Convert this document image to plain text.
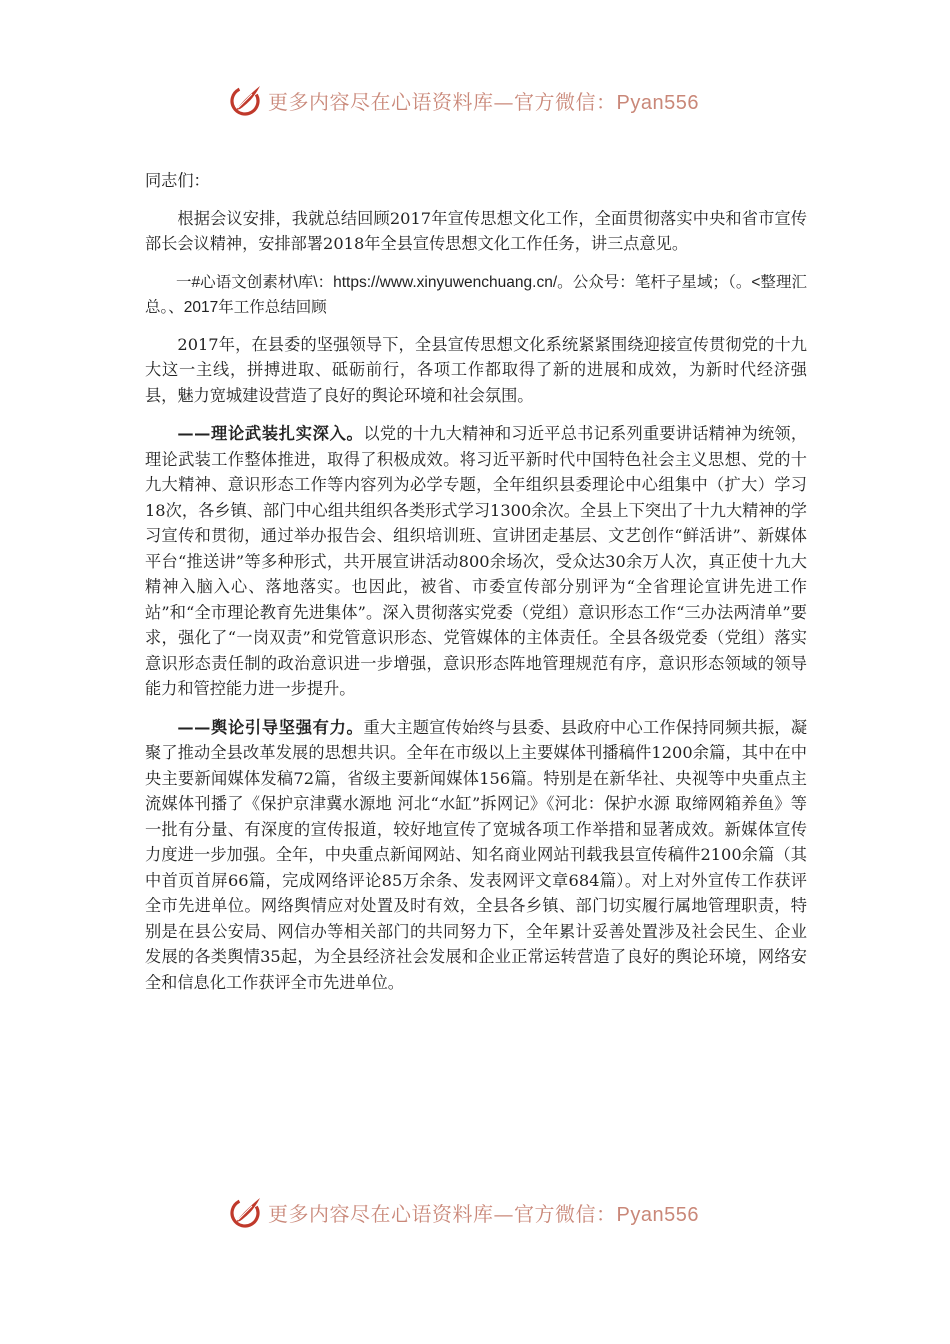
更多内容尽在心语资料库—官方微信：Pyan556

同志们：

根据会议安排，我就总结回顾2017年宣传思想文化工作，全面贯彻落实中央和省市宣传部长会议精神，安排部署2018年全县宣传思想文化工作任务，讲三点意见。

一#心语文创素材\库\：https://www.xinyuwenchuang.cn/。公众号：笔杆子星域；（。<整理汇总。、2017年工作总结回顾

2017年，在县委的坚强领导下，全县宣传思想文化系统紧紧围绕迎接宣传贯彻党的十九大这一主线，拼搏进取、砥砺前行，各项工作都取得了新的进展和成效，为新时代经济强县，魅力宽城建设营造了良好的舆论环境和社会氛围。

——理论武装扎实深入。以党的十九大精神和习近平总书记系列重要讲话精神为统领，理论武装工作整体推进，取得了积极成效。将习近平新时代中国特色社会主义思想、党的十九大精神、意识形态工作等内容列为必学专题，全年组织县委理论中心组集中（扩大）学习18次，各乡镇、部门中心组共组织各类形式学习1300余次。全县上下突出了十九大精神的学习宣传和贯彻，通过举办报告会、组织培训班、宣讲团走基层、文艺创作“鲜活讲”、新媒体平台“推送讲”等多种形式，共开展宣讲活动800余场次，受众达30余万人次，真正使十九大精神入脑入心、落地落实。也因此，被省、市委宣传部分别评为“全省理论宣讲先进工作站”和“全市理论教育先进集体”。深入贯彻落实党委（党组）意识形态工作“三办法两清单”要求，强化了“一岗双责”和党管意识形态、党管媒体的主体责任。全县各级党委（党组）落实意识形态责任制的政治意识进一步增强，意识形态阵地管理规范有序，意识形态领域的领导能力和管控能力进一步提升。

——舆论引导坚强有力。重大主题宣传始终与县委、县政府中心工作保持同频共振，凝聚了推动全县改革发展的思想共识。全年在市级以上主要媒体刊播稿件1200余篇，其中在中央主要新闻媒体发稿72篇，省级主要新闻媒体156篇。特别是在新华社、央视等中央重点主流媒体刊播了《保护京津冀水源地 河北“水缸”拆网记》《河北：保护水源 取缔网箱养鱼》等一批有分量、有深度的宣传报道，较好地宣传了宽城各项工作举措和显著成效。新媒体宣传力度进一步加强。全年，中央重点新闻网站、知名商业网站刊载我县宣传稿件2100余篇（其中首页首屏66篇，完成网络评论85万余条、发表网评文章684篇）。对上对外宣传工作获评全市先进单位。网络舆情应对处置及时有效，全县各乡镇、部门切实履行属地管理职责，特别是在县公安局、网信办等相关部门的共同努力下，全年累计妥善处置涉及社会民生、企业发展的各类舆情35起，为全县经济社会发展和企业正常运转营造了良好的舆论环境，网络安全和信息化工作获评全市先进单位。

更多内容尽在心语资料库—官方微信：Pyan556
